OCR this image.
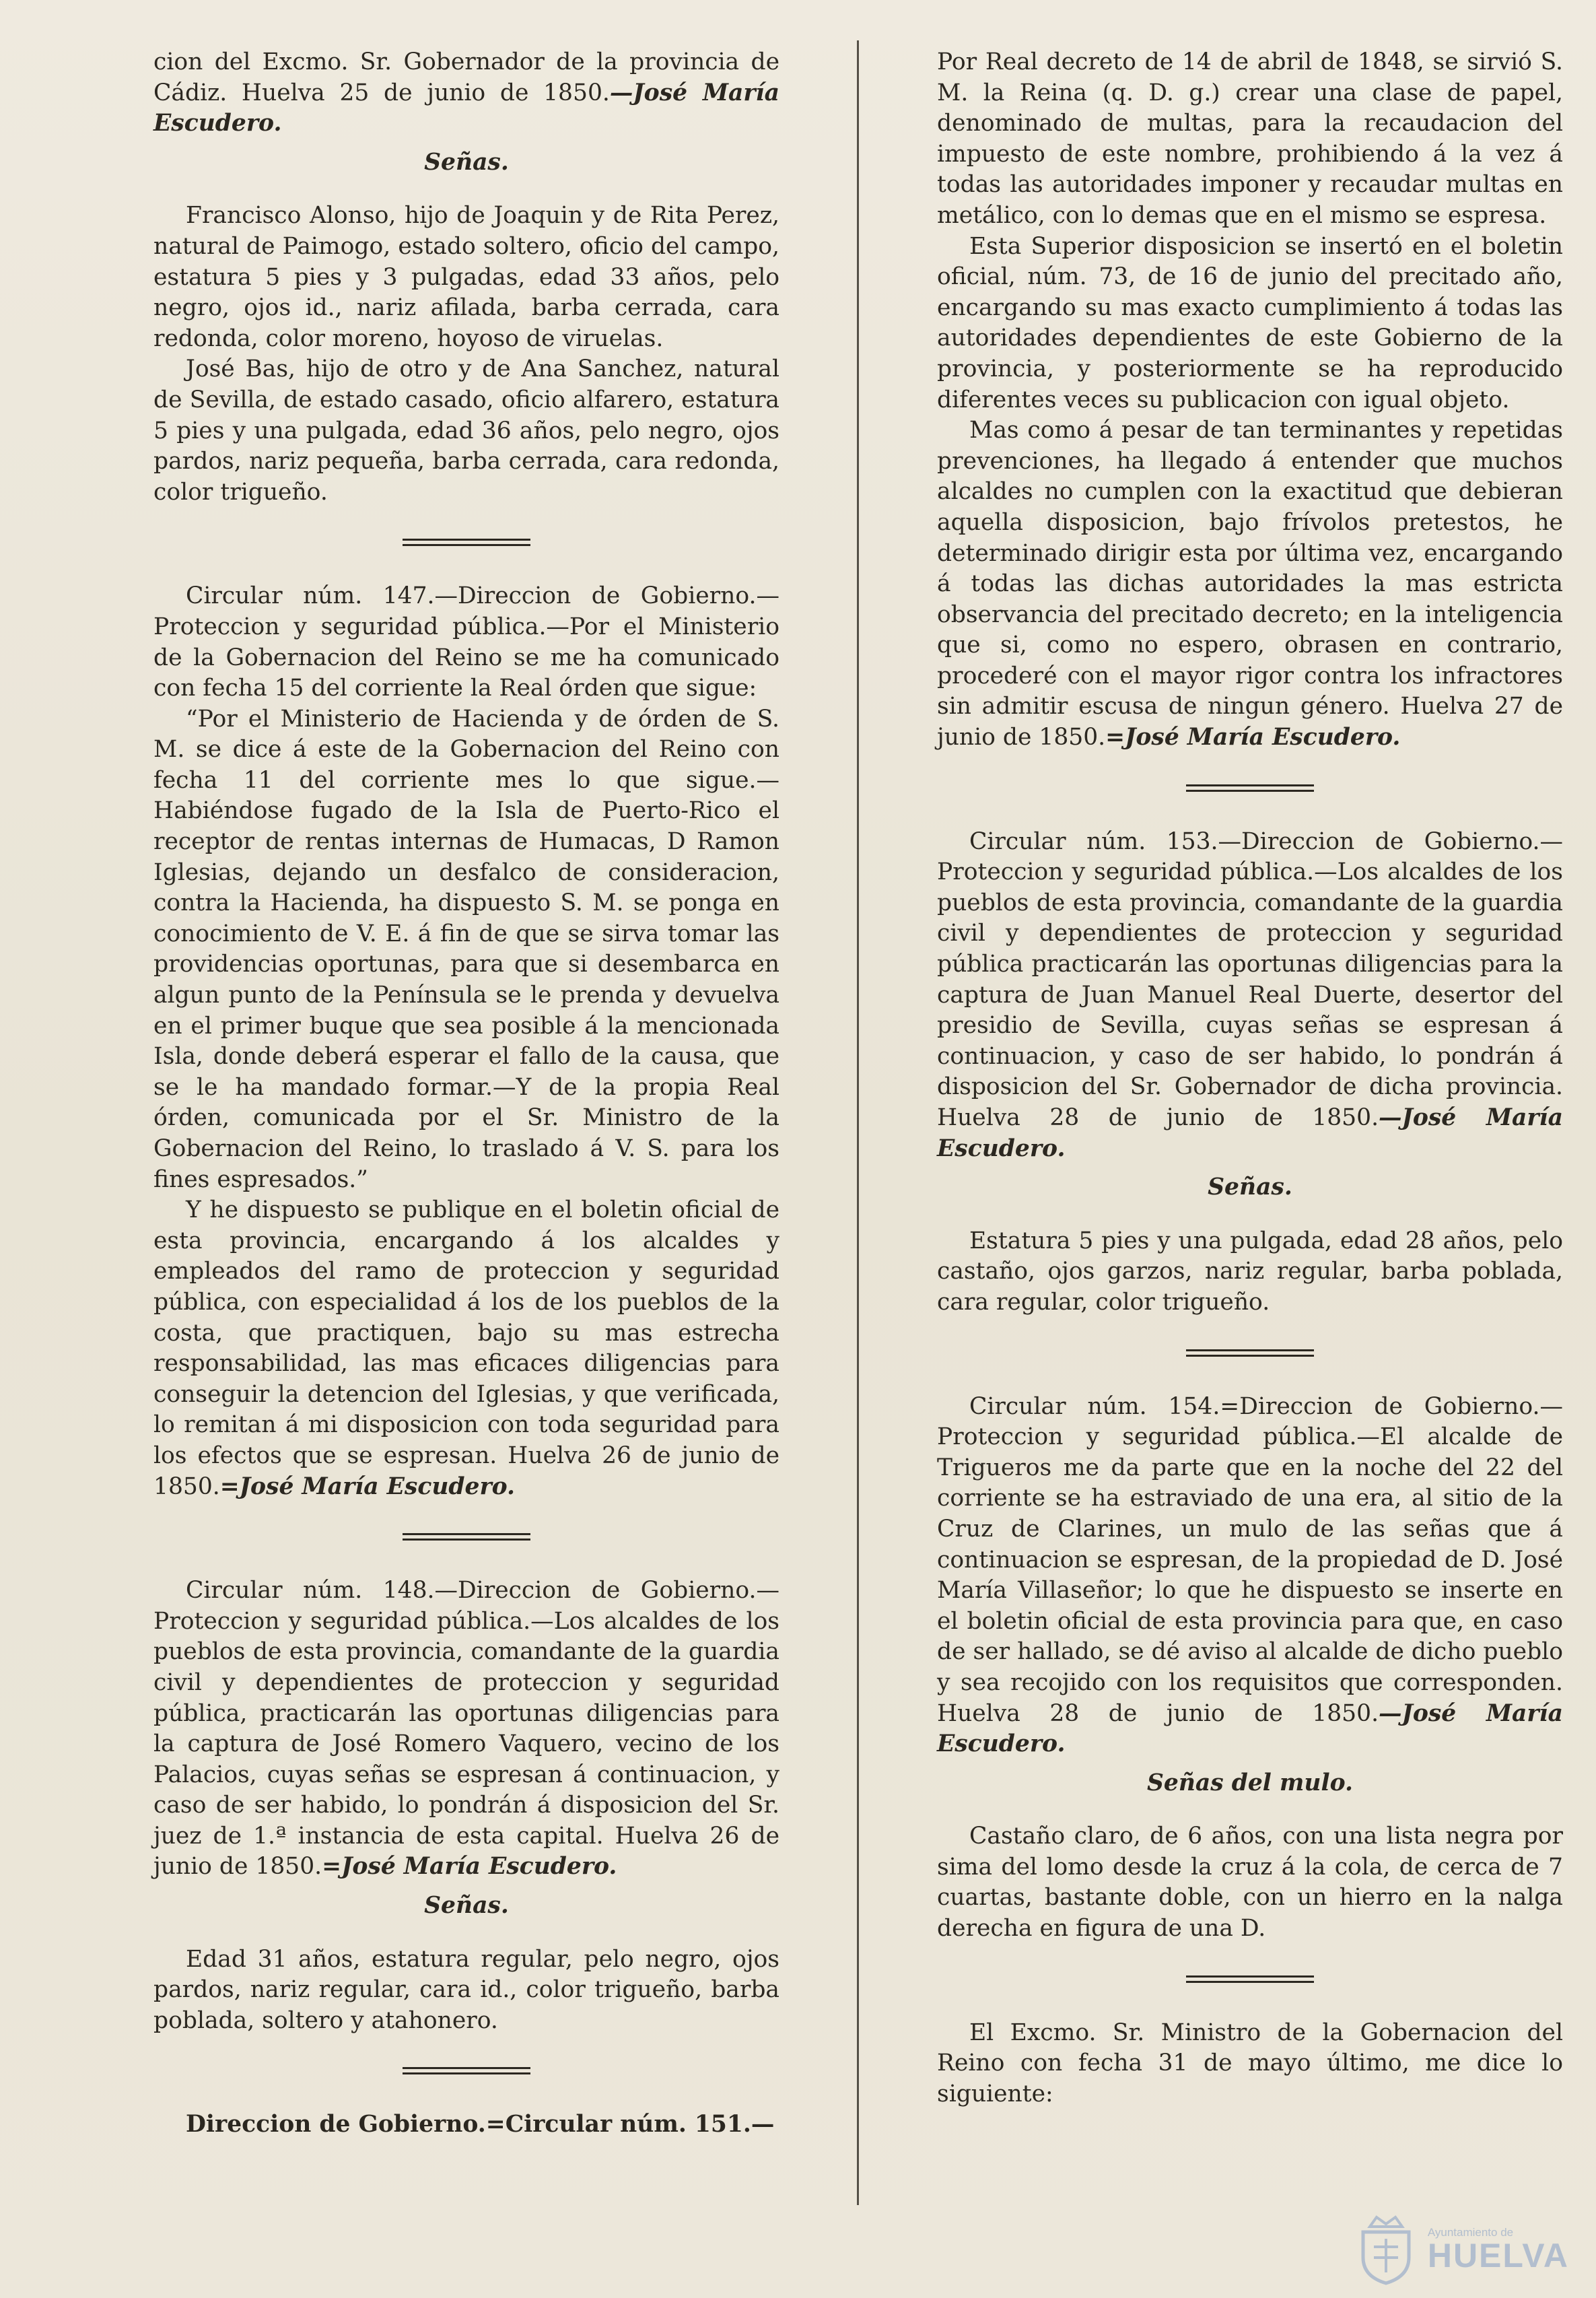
cion del Excmo. Sr. Gobernador de la provincia de Cádiz. Huelva 25 de junio de 1850.—José María Escudero.

Señas.

Francisco Alonso, hijo de Joaquin y de Rita Perez, natural de Paimogo, estado soltero, oficio del campo, estatura 5 pies y 3 pulgadas, edad 33 años, pelo negro, ojos id., nariz afilada, barba cerrada, cara redonda, color moreno, hoyoso de viruelas.

José Bas, hijo de otro y de Ana Sanchez, natural de Sevilla, de estado casado, oficio alfarero, estatura 5 pies y una pulgada, edad 36 años, pelo negro, ojos pardos, nariz pequeña, barba cerrada, cara redonda, color trigueño.

Circular núm. 147.—Direccion de Gobierno.—Proteccion y seguridad pública.—Por el Ministerio de la Gobernacion del Reino se me ha comunicado con fecha 15 del corriente la Real órden que sigue:

“Por el Ministerio de Hacienda y de órden de S. M. se dice á este de la Gobernacion del Reino con fecha 11 del corriente mes lo que sigue.—Habiéndose fugado de la Isla de Puerto-Rico el receptor de rentas internas de Humacas, D Ramon Iglesias, dejando un desfalco de consideracion, contra la Hacienda, ha dispuesto S. M. se ponga en conocimiento de V. E. á fin de que se sirva tomar las providencias oportunas, para que si desembarca en algun punto de la Península se le prenda y devuelva en el primer buque que sea posible á la mencionada Isla, donde deberá esperar el fallo de la causa, que se le ha mandado formar.—Y de la propia Real órden, comunicada por el Sr. Ministro de la Gobernacion del Reino, lo traslado á V. S. para los fines espresados.”

Y he dispuesto se publique en el boletin oficial de esta provincia, encargando á los alcaldes y empleados del ramo de proteccion y seguridad pública, con especialidad á los de los pueblos de la costa, que practiquen, bajo su mas estrecha responsabilidad, las mas eficaces diligencias para conseguir la detencion del Iglesias, y que verificada, lo remitan á mi disposicion con toda seguridad para los efectos que se espresan. Huelva 26 de junio de 1850.=José María Escudero.

Circular núm. 148.—Direccion de Gobierno.—Proteccion y seguridad pública.—Los alcaldes de los pueblos de esta provincia, comandante de la guardia civil y dependientes de proteccion y seguridad pública, practicarán las oportunas diligencias para la captura de José Romero Vaquero, vecino de los Palacios, cuyas señas se espresan á continuacion, y caso de ser habido, lo pondrán á disposicion del Sr. juez de 1.ª instancia de esta capital. Huelva 26 de junio de 1850.=José María Escudero.

Señas.

Edad 31 años, estatura regular, pelo negro, ojos pardos, nariz regular, cara id., color trigueño, barba poblada, soltero y atahonero.

Direccion de Gobierno.=Circular núm. 151.—

Por Real decreto de 14 de abril de 1848, se sirvió S. M. la Reina (q. D. g.) crear una clase de papel, denominado de multas, para la recaudacion del impuesto de este nombre, prohibiendo á la vez á todas las autoridades imponer y recaudar multas en metálico, con lo demas que en el mismo se espresa.

Esta Superior disposicion se insertó en el boletin oficial, núm. 73, de 16 de junio del precitado año, encargando su mas exacto cumplimiento á todas las autoridades dependientes de este Gobierno de la provincia, y posteriormente se ha reproducido diferentes veces su publicacion con igual objeto.

Mas como á pesar de tan terminantes y repetidas prevenciones, ha llegado á entender que muchos alcaldes no cumplen con la exactitud que debieran aquella disposicion, bajo frívolos pretestos, he determinado dirigir esta por última vez, encargando á todas las dichas autoridades la mas estricta observancia del precitado decreto; en la inteligencia que si, como no espero, obrasen en contrario, procederé con el mayor rigor contra los infractores sin admitir escusa de ningun género. Huelva 27 de junio de 1850.=José María Escudero.

Circular núm. 153.—Direccion de Gobierno.—Proteccion y seguridad pública.—Los alcaldes de los pueblos de esta provincia, comandante de la guardia civil y dependientes de proteccion y seguridad pública practicarán las oportunas diligencias para la captura de Juan Manuel Real Duerte, desertor del presidio de Sevilla, cuyas señas se espresan á continuacion, y caso de ser habido, lo pondrán á disposicion del Sr. Gobernador de dicha provincia. Huelva 28 de junio de 1850.—José María Escudero.

Señas.

Estatura 5 pies y una pulgada, edad 28 años, pelo castaño, ojos garzos, nariz regular, barba poblada, cara regular, color trigueño.

Circular núm. 154.=Direccion de Gobierno.—Proteccion y seguridad pública.—El alcalde de Trigueros me da parte que en la noche del 22 del corriente se ha estraviado de una era, al sitio de la Cruz de Clarines, un mulo de las señas que á continuacion se espresan, de la propiedad de D. José María Villaseñor; lo que he dispuesto se inserte en el boletin oficial de esta provincia para que, en caso de ser hallado, se dé aviso al alcalde de dicho pueblo y sea recojido con los requisitos que corresponden. Huelva 28 de junio de 1850.—José María Escudero.

Señas del mulo.

Castaño claro, de 6 años, con una lista negra por sima del lomo desde la cruz á la cola, de cerca de 7 cuartas, bastante doble, con un hierro en la nalga derecha en figura de una D.

El Excmo. Sr. Ministro de la Gobernacion del Reino con fecha 31 de mayo último, me dice lo siguiente:

Ayuntamiento de
HUELVA
